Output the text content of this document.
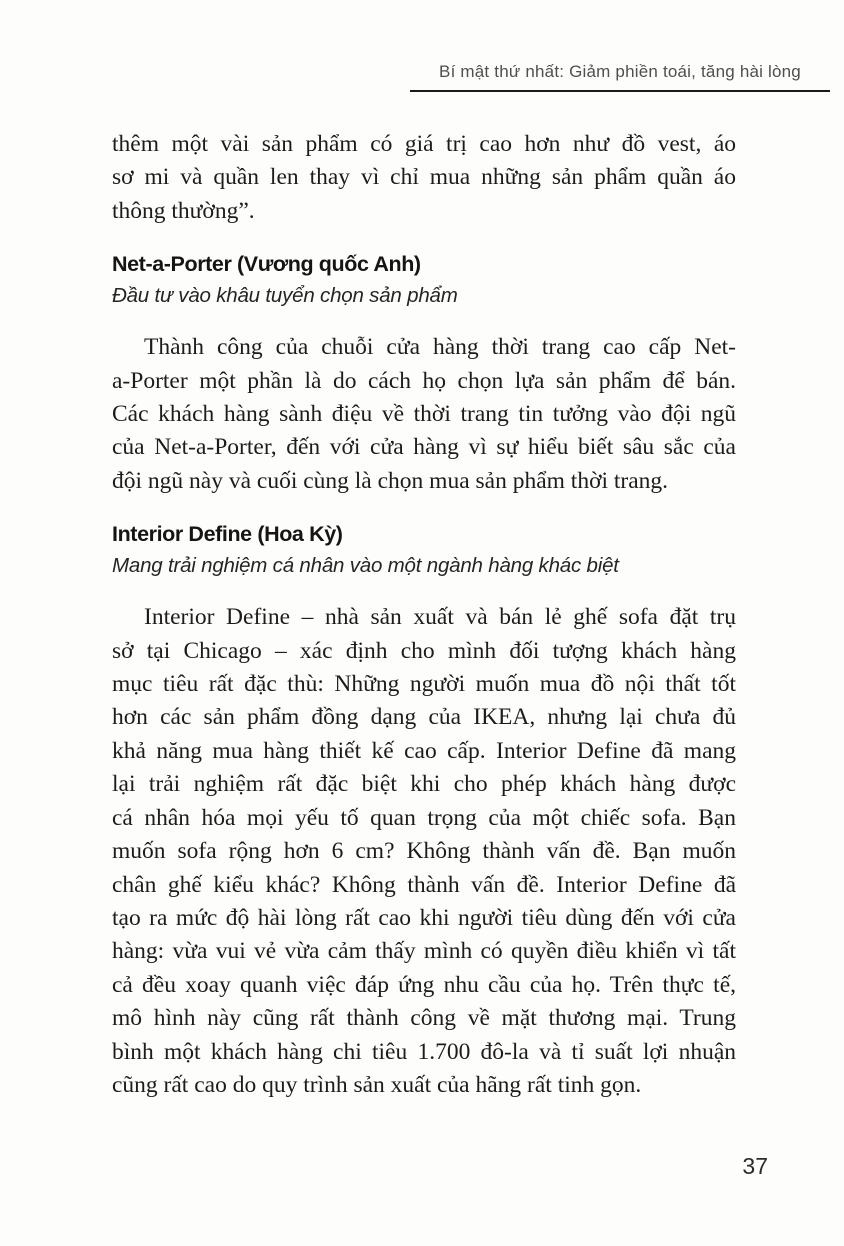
Bí mật thứ nhất: Giảm phiền toái, tăng hài lòng
thêm một vài sản phẩm có giá trị cao hơn như đồ vest, áo
sơ mi và quần len thay vì chỉ mua những sản phẩm quần áo
thông thường”.
Net-a-Porter (Vương quốc Anh)
Đầu tư vào khâu tuyển chọn sản phẩm
Thành công của chuỗi cửa hàng thời trang cao cấp Net-
a-Porter một phần là do cách họ chọn lựa sản phẩm để bán.
Các khách hàng sành điệu về thời trang tin tưởng vào đội ngũ
của Net-a-Porter, đến với cửa hàng vì sự hiểu biết sâu sắc của
đội ngũ này và cuối cùng là chọn mua sản phẩm thời trang.
Interior Define (Hoa Kỳ)
Mang trải nghiệm cá nhân vào một ngành hàng khác biệt
Interior Define – nhà sản xuất và bán lẻ ghế sofa đặt trụ
sở tại Chicago – xác định cho mình đối tượng khách hàng
mục tiêu rất đặc thù: Những người muốn mua đồ nội thất tốt
hơn các sản phẩm đồng dạng của IKEA, nhưng lại chưa đủ
khả năng mua hàng thiết kế cao cấp. Interior Define đã mang
lại trải nghiệm rất đặc biệt khi cho phép khách hàng được
cá nhân hóa mọi yếu tố quan trọng của một chiếc sofa. Bạn
muốn sofa rộng hơn 6 cm? Không thành vấn đề. Bạn muốn
chân ghế kiểu khác? Không thành vấn đề. Interior Define đã
tạo ra mức độ hài lòng rất cao khi người tiêu dùng đến với cửa
hàng: vừa vui vẻ vừa cảm thấy mình có quyền điều khiển vì tất
cả đều xoay quanh việc đáp ứng nhu cầu của họ. Trên thực tế,
mô hình này cũng rất thành công về mặt thương mại. Trung
bình một khách hàng chi tiêu 1.700 đô-la và tỉ suất lợi nhuận
cũng rất cao do quy trình sản xuất của hãng rất tinh gọn.
37
